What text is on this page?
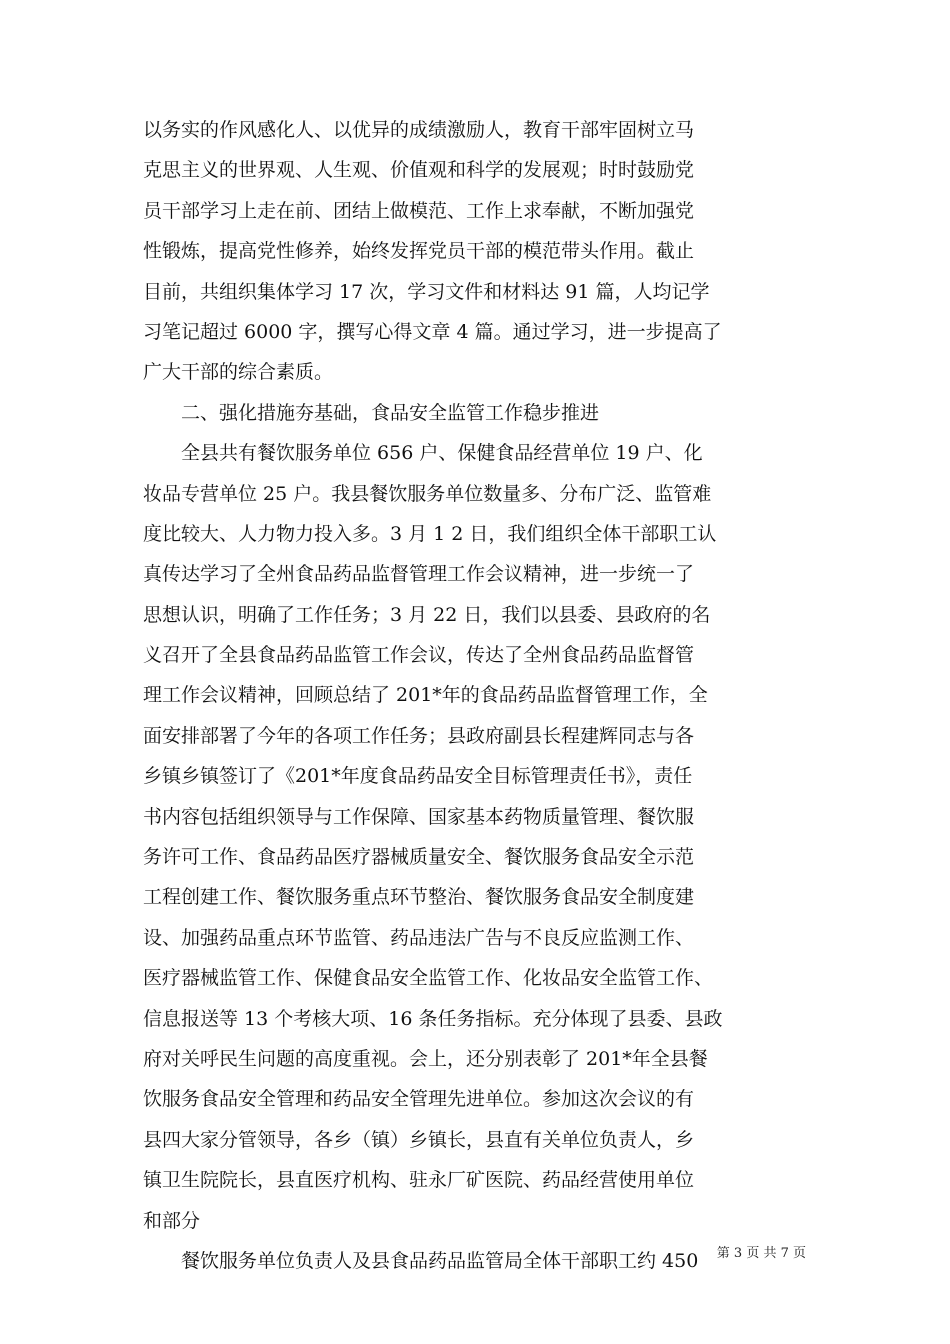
以务实的作风感化人、以优异的成绩激励人，教育干部牢固树立马
克思主义的世界观、人生观、价值观和科学的发展观；时时鼓励党
员干部学习上走在前、团结上做模范、工作上求奉献，不断加强党
性锻炼，提高党性修养，始终发挥党员干部的模范带头作用。截止
目前，共组织集体学习 17 次，学习文件和材料达 91 篇，人均记学
习笔记超过 6000 字，撰写心得文章 4 篇。通过学习，进一步提高了
广大干部的综合素质。
　　二、强化措施夯基础，食品安全监管工作稳步推进
　　全县共有餐饮服务单位 656 户、保健食品经营单位 19 户、化
妆品专营单位 25 户。我县餐饮服务单位数量多、分布广泛、监管难
度比较大、人力物力投入多。3 月 1 2 日，我们组织全体干部职工认
真传达学习了全州食品药品监督管理工作会议精神，进一步统一了
思想认识，明确了工作任务；3 月 22 日，我们以县委、县政府的名
义召开了全县食品药品监管工作会议，传达了全州食品药品监督管
理工作会议精神，回顾总结了 201*年的食品药品监督管理工作，全
面安排部署了今年的各项工作任务；县政府副县长程建辉同志与各
乡镇乡镇签订了《201*年度食品药品安全目标管理责任书》，责任
书内容包括组织领导与工作保障、国家基本药物质量管理、餐饮服
务许可工作、食品药品医疗器械质量安全、餐饮服务食品安全示范
工程创建工作、餐饮服务重点环节整治、餐饮服务食品安全制度建
设、加强药品重点环节监管、药品违法广告与不良反应监测工作、
医疗器械监管工作、保健食品安全监管工作、化妆品安全监管工作、
信息报送等 13 个考核大项、16 条任务指标。充分体现了县委、县政
府对关呼民生问题的高度重视。会上，还分别表彰了 201*年全县餐
饮服务食品安全管理和药品安全管理先进单位。参加这次会议的有
县四大家分管领导，各乡（镇）乡镇长，县直有关单位负责人，乡
镇卫生院院长，县直医疗机构、驻永厂矿医院、药品经营使用单位
和部分
　　餐饮服务单位负责人及县食品药品监管局全体干部职工约 450	第 3 页 共 7 页
